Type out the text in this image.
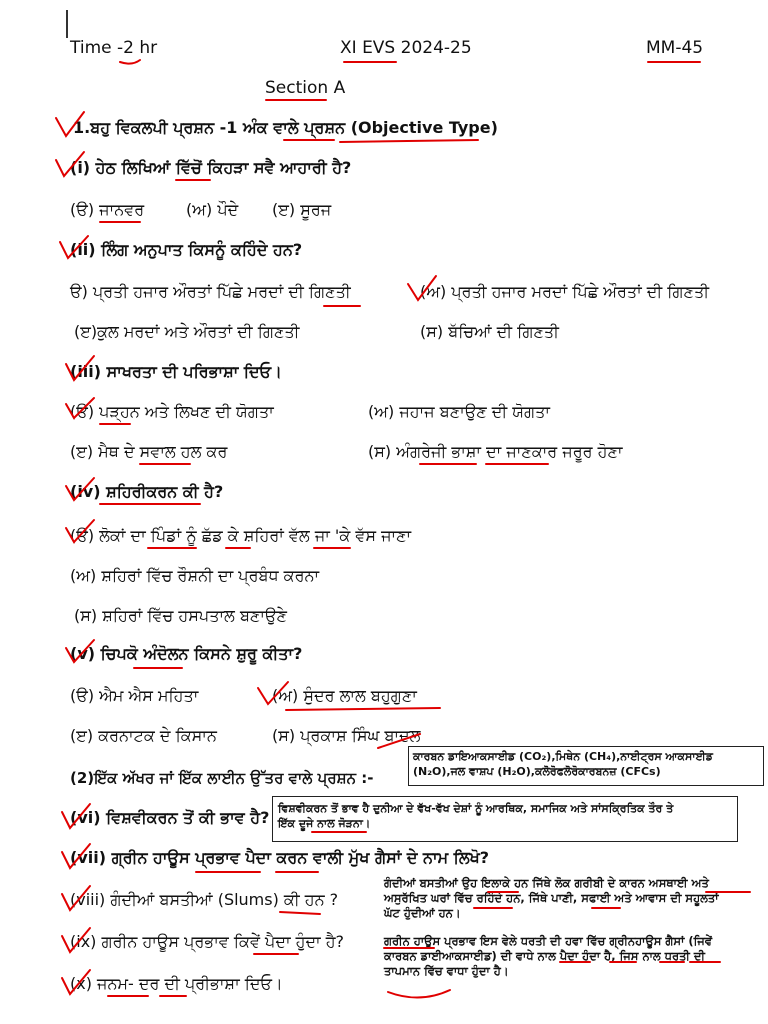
Time -2 hr	XI EVS 2024-25	MM-45
Section A
1.ਬਹੁ ਵਿਕਲਪੀ ਪ੍ਰਸ਼ਨ -1 ਅੰਕ ਵਾਲੇ ਪ੍ਰਸ਼ਨ (Objective Type)
(i) ਹੇਠ ਲਿਖਿਆਂ ਵਿੱਚੋਂ ਕਿਹੜਾ ਸਵੈ ਆਹਾਰੀ ਹੈ?
(ੳ) ਜਾਨਵਰ	(ਅ) ਪੌਦੇ (ੲ) ਸੂਰਜ
(ii) ਲਿੰਗ ਅਨੁਪਾਤ ਕਿਸਨੂੰ ਕਹਿੰਦੇ ਹਨ?
ੳ) ਪ੍ਰਤੀ ਹਜਾਰ ਔਰਤਾਂ ਪਿੱਛੇ ਮਰਦਾਂ ਦੀ ਗਿਣਤੀ	(ਅ) ਪ੍ਰਤੀ ਹਜਾਰ ਮਰਦਾਂ ਪਿੱਛੇ ਔਰਤਾਂ ਦੀ ਗਿਣਤੀ
(ੲ)ਕੁਲ ਮਰਦਾਂ ਅਤੇ ਔਰਤਾਂ ਦੀ ਗਿਣਤੀ	(ਸ) ਬੱਚਿਆਂ ਦੀ ਗਿਣਤੀ
(iii) ਸਾਖਰਤਾ ਦੀ ਪਰਿਭਾਸ਼ਾ ਦਿਓ।
(ੳ) ਪੜ੍ਹਨ ਅਤੇ ਲਿਖਣ ਦੀ ਯੋਗਤਾ	(ਅ) ਜਹਾਜ ਬਣਾਉਣ ਦੀ ਯੋਗਤਾ
(ੲ) ਮੈਥ ਦੇ ਸਵਾਲ ਹਲ ਕਰ	(ਸ) ਅੰਗਰੇਜੀ ਭਾਸ਼ਾ ਦਾ ਜਾਣਕਾਰ ਜਰੂਰ ਹੋਣਾ
(iv) ਸ਼ਹਿਰੀਕਰਨ ਕੀ ਹੈ?
(ੳ) ਲੋਕਾਂ ਦਾ ਪਿੰਡਾਂ ਨੂੰ ਛੱਡ ਕੇ ਸ਼ਹਿਰਾਂ ਵੱਲ ਜਾ 'ਕੇ ਵੱਸ ਜਾਣਾ
(ਅ) ਸ਼ਹਿਰਾਂ ਵਿੱਚ ਰੌਸ਼ਨੀ ਦਾ ਪ੍ਰਬੰਧ ਕਰਨਾ
(ਸ) ਸ਼ਹਿਰਾਂ ਵਿੱਚ ਹਸਪਤਾਲ ਬਣਾਉਣੇ
(v) ਚਿਪਕੋ ਅੰਦੋਲਨ ਕਿਸਨੇ ਸ਼ੁਰੂ ਕੀਤਾ?
(ੳ) ਐਮ ਐਸ ਮਹਿਤਾ	(ਅ) ਸੁੰਦਰ ਲਾਲ ਬਹੁਗੁਣਾ
(ੲ) ਕਰਨਾਟਕ ਦੇ ਕਿਸਾਨ	(ਸ) ਪ੍ਰਕਾਸ਼ ਸਿੰਘ ਬਾਦਲ
(2)ਇੱਕ ਅੱਖਰ ਜਾਂ ਇੱਕ ਲਾਈਨ ਉੱਤਰ ਵਾਲੇ ਪ੍ਰਸ਼ਨ :-
ਕਾਰਬਨ ਡਾਇਆਕਸਾਈਡ (CO₂),ਮਿਥੇਨ (CH₄),ਨਾਈਟ੍ਰਸ ਆਕਸਾਈਡ
(N₂O),ਜਲ ਵਾਸ਼ਪ (H₂O),ਕਲੋਰੋਫਲੋਰੋਕਾਰਬਨਜ਼ (CFCs)
(vi) ਵਿਸ਼ਵੀਕਰਨ ਤੋਂ ਕੀ ਭਾਵ ਹੈ? ਵਿਸ਼ਵੀਕਰਨ ਤੋਂ ਭਾਵ ਹੈ ਦੁਨੀਆ ਦੇ ਵੱਖ-ਵੱਖ ਦੇਸ਼ਾਂ ਨੂੰ ਆਰਥਿਕ, ਸਮਾਜਿਕ ਅਤੇ ਸਾਂਸਕ੍ਰਿਤਿਕ ਤੌਰ ਤੇ
ਇੱਕ ਦੂਜੇ ਨਾਲ ਜੋੜਨਾ।
(vii) ਗ੍ਰੀਨ ਹਾਊਸ ਪ੍ਰਭਾਵ ਪੈਦਾ ਕਰਨ ਵਾਲੀ ਮੁੱਖ ਗੈਸਾਂ ਦੇ ਨਾਮ ਲਿਖੋ?
(viii) ਗੰਦੀਆਂ ਬਸਤੀਆਂ (Slums) ਕੀ ਹਨ ?
ਗੰਦੀਆਂ ਬਸਤੀਆਂ ਉਹ ਇਲਾਕੇ ਹਨ ਜਿੱਥੇ ਲੋਕ ਗਰੀਬੀ ਦੇ ਕਾਰਨ ਅਸਥਾਈ ਅਤੇ
ਅਸੁਰੱਖਿਤ ਘਰਾਂ ਵਿੱਚ ਰਹਿੰਦੇ ਹਨ, ਜਿੱਥੇ ਪਾਣੀ, ਸਫਾਈ ਅਤੇ ਆਵਾਸ ਦੀ ਸਹੂਲਤਾਂ
ਘੱਟ ਹੁੰਦੀਆਂ ਹਨ।
(ix) ਗਰੀਨ ਹਾਊਸ ਪ੍ਰਭਾਵ ਕਿਵੇਂ ਪੈਦਾ ਹੁੰਦਾ ਹੈ?	ਗਰੀਨ ਹਾਊਸ ਪ੍ਰਭਾਵ ਇਸ ਵੇਲੇ ਧਰਤੀ ਦੀ ਹਵਾ ਵਿੱਚ ਗ੍ਰੀਨਹਾਊਸ ਗੈਸਾਂ (ਜਿਵੇਂ
ਕਾਰਬਨ ਡਾਈਆਕਸਾਈਡ) ਦੀ ਵਾਧੇ ਨਾਲ ਪੈਦਾ ਹੁੰਦਾ ਹੈ, ਜਿਸ ਨਾਲ ਧਰਤੀ ਦੀ
ਤਾਪਮਾਨ ਵਿੱਚ ਵਾਧਾ ਹੁੰਦਾ ਹੈ।
(x) ਜਨਮ- ਦਰ ਦੀ ਪ੍ਰੀਭਾਸ਼ਾ ਦਿਓ।
